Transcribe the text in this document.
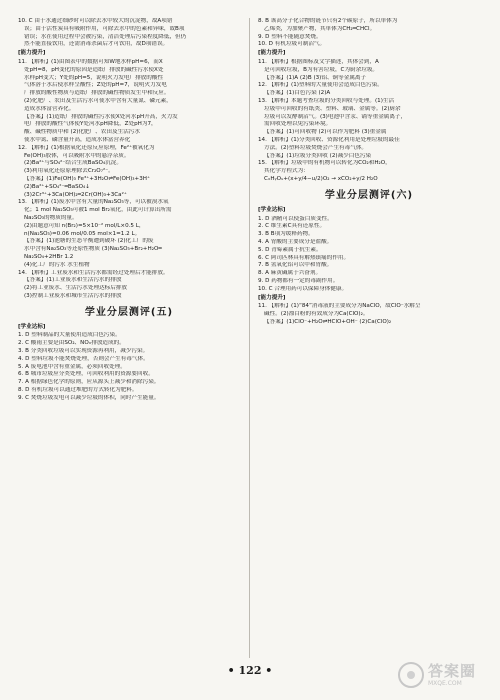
10. C 由于水通过细砂时可以除去水中较大的沉淀物，故A项错
误；由于活性炭具有吸附作用，可除去水中的色素和异味，故B项
错误；水在使用过程中会被污染，清洁处理后污染程度降低，但仍
然不能直接饮用，还需消毒杀菌后才可饮用，故D项错误。
[能力提升]
11. 【解析】(1)由图表中的数据可知W地水样pH=6，而X
处pH=8，pH变化的原因是造纸厂排放的碱性污水使X处
水样pH变大；Y处的pH=5，说明火力发电厂排放的酸性
气体溶于水后使水样呈酸性；Z处的pH=7，说明火力发电
厂排放的酸性物质与造纸厂排放的碱性物质发生中和反应。
(2)化肥厂、农田及生活污水可使水中含有大量氮、磷元素，
造成水体富营养化。
【答案】(1)造纸厂排放的碱性污水使X处河水pH升高，火力发
电厂排放的酸性气体使Y处河水pH降低，Z处pH为7，
酸、碱性物质中和 (2)化肥厂、农田及生活污水
使水中氮、磷含量升高，造成水体富营养化
12. 【解析】(1)根据氧化还原反应原理，Fe²⁺被氧化为
Fe(OH)₃胶体，可以吸附水中的悬浮杂质。
(2)Ba²⁺与SO₄²⁻结合生成BaSO₄沉淀。
(3)利用氧化还原原理除去Cr₂O₇²⁻。
【答案】(1)Fe(OH)₃ Fe³⁺+3H₂O⇌Fe(OH)₃+3H⁺
(2)Ba²⁺+SO₄²⁻═BaSO₄↓
(3)2Cr³⁺+3Ca(OH)₂═2Cr(OH)₃+3Ca²⁺
13. 【解析】(1)废水中含有大量的Na₂SO₃等，可以被溴水氧
化；1 mol Na₂SO₃可被1 mol Br₂氧化，由此可计算出所需
Na₂SO₃的物质的量。
(2)由题意可知 n(Br₂)=5×10⁻² mol/L×0.5 L，
n(Na₂SO₃)=0.06 mol/0.05 mol×1=1.2 L。
【答案】(1)池塘的生态平衡遭到破坏 (2)化工厂的废
水中含有Na₂SO₃等还原性物质 (3)Na₂SO₃+Br₂+H₂O═
Na₂SO₄+2HBr 1.2
(4)化工厂的污水 水生植物
14. 【解析】工业废水和生活污水都需经过处理后才能排放。
【答案】(1)工业废水和生活污水的排放
(2)将工业废水、生活污水处理达标后排放
(3)控制工业废水和城市生活污水的排放
学业分层测评(五)
[学业达标]
1. D 塑料制品的大量使用造成白色污染。
2. C 酸雨主要是由SO₂、NOₓ排放造成的。
3. B 分类回收垃圾可以实现资源再利用，减少污染。
4. D 塑料垃圾不能焚烧处理，否则会产生有毒气体。
5. A 废电池中含有重金属，必须回收处理。
6. B 城市垃圾应分类处理，可回收利用的资源要回收。
7. A 根据绿色化学的原则，应从源头上减少和消除污染。
8. D 有机垃圾可以通过堆肥的方式转化为肥料。
9. C 焚烧垃圾发电可以减少垃圾的体积，同时产生能量。
8. B 该高分子化合物的链节只有2个碳原子，所以单体为
乙烯类，为加聚产物，其单体为CH₂═CHCl。
9. D 塑料不能随意焚烧。
10. D 有机垃圾可制沼气。
[能力提升]
11. 【解析】根据图标及文字描述，其体会到，A
是可回收垃圾，B为有害垃圾，C为厨余垃圾。
【答案】(1)A (2)B (3)铝、铜等金属离子
12. 【解析】(1)塑料的大量使用会造成白色污染。
【答案】(1)白色污染 (2)A
13. 【解析】本题考查垃圾的分类回收与处理。(1)生活
垃圾中可回收的有纸类、塑料、玻璃、金属等。(2)厨余
垃圾可以发酵制沼气。(3)电池中含汞、镉等重金属离子，
需回收处理以免污染环境。
【答案】(1)可回收物 (2)可以作为肥料 (3)重金属
14. 【解析】(1)分类回收、资源化利用是处理垃圾的最佳
方法。(2)塑料垃圾焚烧会产生有毒气体。
【答案】(1)垃圾分类回收 (2)减少白色污染
15. 【解析】垃圾中的有机物可以转化为CO₂和H₂O，
其化学方程式为：
CₓHᵧOᵤ+(x+y/4−u/2)O₂ → xCO₂+y/2 H₂O
学业分层测评(六)
[学业达标]
1. D 酒精可以使蛋白质变性。
2. C 维生素C具有还原性。
3. B B项为缓释药物。
4. A 胃酸的主要成分是盐酸。
5. D 青霉素属于抗生素。
6. C 阿司匹林具有解热镇痛的作用。
7. B 氢氧化铝可以中和胃酸。
8. A 麻黄碱属于兴奋剂。
9. D 药物都有一定的毒副作用。
10. C 合理用药可以保障身体健康。
[能力提升]
11. 【解析】(1)“84”消毒液的主要成分为NaClO，故ClO⁻水解呈
碱性。(2)漂白粉的有效成分为Ca(ClO)₂。
【答案】(1)ClO⁻+H₂O⇌HClO+OH⁻ (2)Ca(ClO)₂
• 122 •	答案圈
MXQE.COM
